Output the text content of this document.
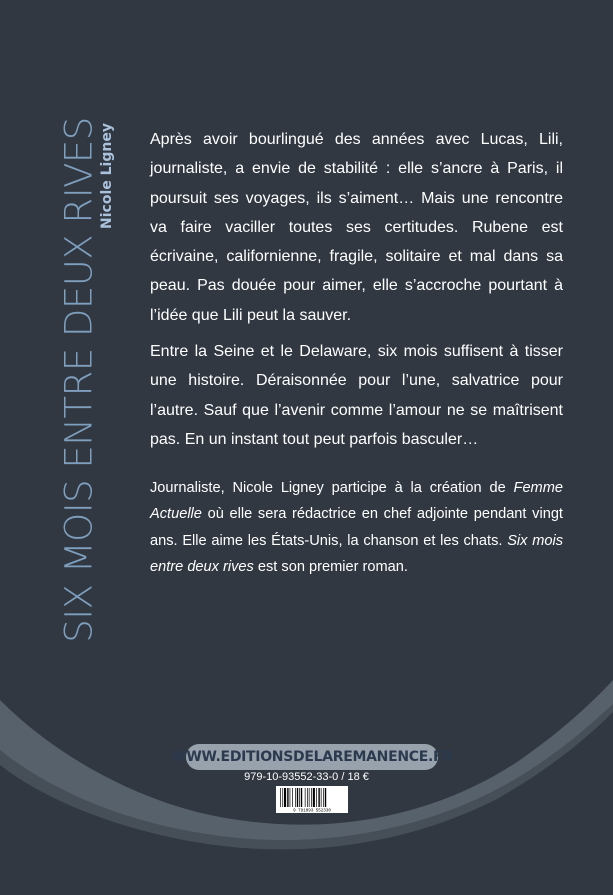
SIX MOIS ENTRE DEUX RIVES
Nicole Ligney Après avoir bourlingué des années avec Lucas, Lili, journaliste, a envie de stabilité : elle s’ancre à Paris, il poursuit ses voyages, ils s’aiment… Mais une rencontre va faire vaciller toutes ses certitudes. Rubene est écrivaine, californienne, fragile, solitaire et mal dans sa peau. Pas douée pour aimer, elle s’accroche pourtant à l’idée que Lili peut la sauver.

Entre la Seine et le Delaware, six mois suffisent à tisser une histoire. Déraisonnée pour l’une, salvatrice pour l’autre. Sauf que l’avenir comme l’amour ne se maîtrisent pas. En un instant tout peut parfois basculer…

Journaliste, Nicole Ligney participe à la création de Femme Actuelle où elle sera rédactrice en chef adjointe pendant vingt ans. Elle aime les États-Unis, la chanson et les chats. Six mois entre deux rives est son premier roman.

WWW.EDITIONSDELAREMANENCE.FR
979-10-93552-33-0 / 18 €
9 791093 552330
